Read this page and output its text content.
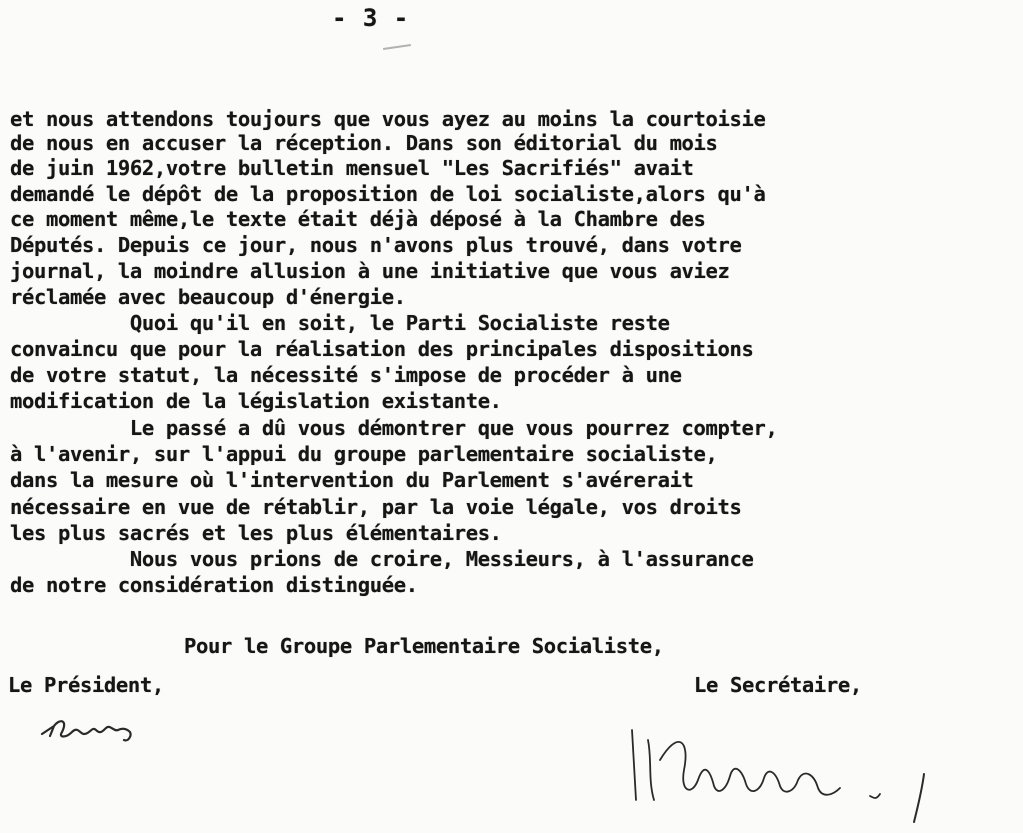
- 3 -
et nous attendons toujours que vous ayez au moins la courtoisie
de nous en accuser la réception. Dans son éditorial du mois
de juin 1962,votre bulletin mensuel "Les Sacrifiés" avait
demandé le dépôt de la proposition de loi socialiste,alors qu'à
ce moment même,le texte était déjà déposé à la Chambre des
Députés. Depuis ce jour, nous n'avons plus trouvé, dans votre
journal, la moindre allusion à une initiative que vous aviez
réclamée avec beaucoup d'énergie.
Quoi qu'il en soit, le Parti Socialiste reste
convaincu que pour la réalisation des principales dispositions
de votre statut, la nécessité s'impose de procéder à une
modification de la législation existante.
Le passé a dû vous démontrer que vous pourrez compter,
à l'avenir, sur l'appui du groupe parlementaire socialiste,
dans la mesure où l'intervention du Parlement s'avérerait
nécessaire en vue de rétablir, par la voie légale, vos droits
les plus sacrés et les plus élémentaires.
Nous vous prions de croire, Messieurs, à l'assurance
de notre considération distinguée.
Pour le Groupe Parlementaire Socialiste,
Le Président,	Le Secrétaire,
